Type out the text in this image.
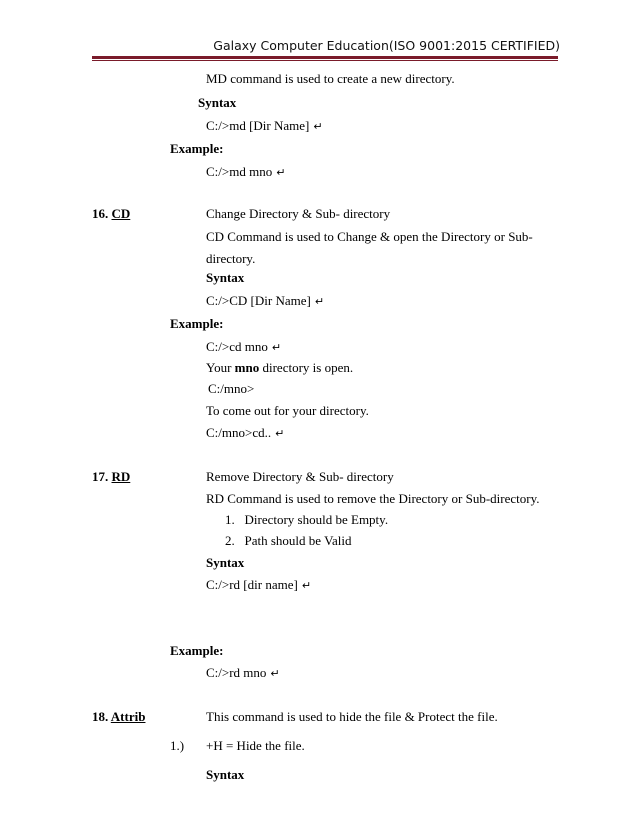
Galaxy Computer Education(ISO 9001:2015 CERTIFIED)
MD command is used to create a new directory.
Syntax
C:/>md [Dir Name] ↵
Example:
C:/>md mno ↵
16. CD	Change Directory & Sub- directory
CD Command is used to Change & open the Directory or Sub-
directory.
Syntax
C:/>CD [Dir Name] ↵
Example:
C:/>cd mno ↵
Your mno directory is open.
C:/mno>
To come out for your directory.
C:/mno>cd.. ↵
17. RD	Remove Directory & Sub- directory
RD Command is used to remove the Directory or Sub-directory.
1. Directory should be Empty.
2. Path should be Valid
Syntax
C:/>rd [dir name] ↵
Example:
C:/>rd mno ↵
18. Attrib	This command is used to hide the file & Protect the file.
1.) +H = Hide the file.
Syntax
